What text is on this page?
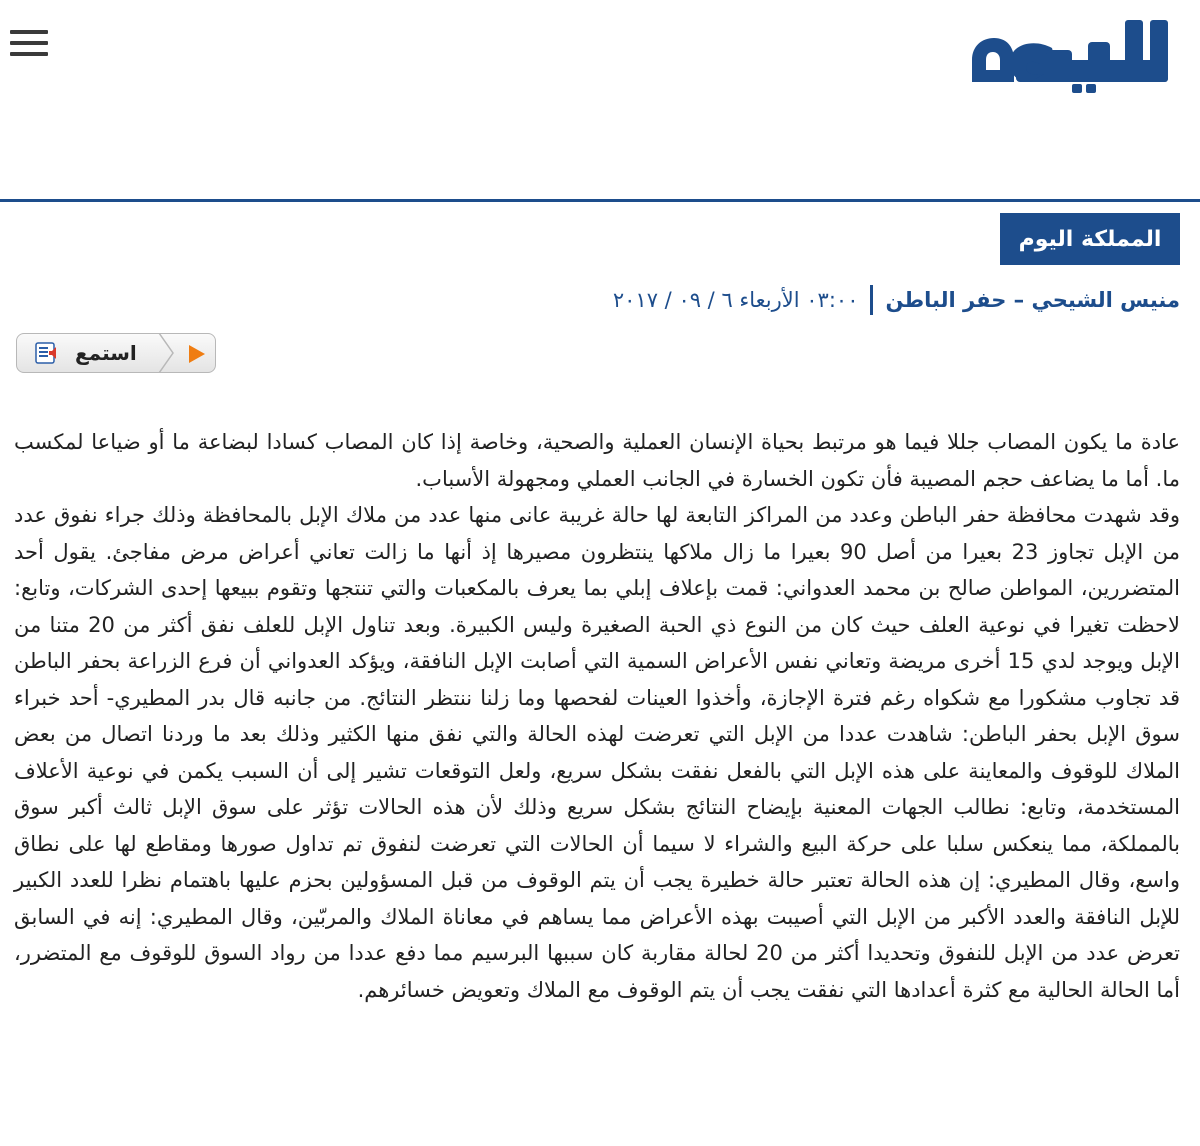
المملكة اليوم
منيس الشيحي – حفر الباطن
٠٣:٠٠ الأربعاء ٦ / ٠٩ / ٢٠١٧
استمع

عادة ما يكون المصاب جللا فيما هو مرتبط بحياة الإنسان العملية والصحية، وخاصة إذا كان المصاب كسادا لبضاعة ما أو ضياعا لمكسب ما. أما ما يضاعف حجم المصيبة فأن تكون الخسارة في الجانب العملي ومجهولة الأسباب.

وقد شهدت محافظة حفر الباطن وعدد من المراكز التابعة لها حالة غريبة عانى منها عدد من ملاك الإبل بالمحافظة وذلك جراء نفوق عدد من الإبل تجاوز 23 بعيرا من أصل 90 بعيرا ما زال ملاكها ينتظرون مصيرها إذ أنها ما زالت تعاني أعراض مرض مفاجئ. يقول أحد المتضررين، المواطن صالح بن محمد العدواني: قمت بإعلاف إبلي بما يعرف بالمكعبات والتي تنتجها وتقوم ببيعها إحدى الشركات، وتابع: لاحظت تغيرا في نوعية العلف حيث كان من النوع ذي الحبة الصغيرة وليس الكبيرة. وبعد تناول الإبل للعلف نفق أكثر من 20 متنا من الإبل ويوجد لدي 15 أخرى مريضة وتعاني نفس الأعراض السمية التي أصابت الإبل النافقة، ويؤكد العدواني أن فرع الزراعة بحفر الباطن قد تجاوب مشكورا مع شكواه رغم فترة الإجازة، وأخذوا العينات لفحصها وما زلنا ننتظر النتائج. من جانبه قال بدر المطيري- أحد خبراء سوق الإبل بحفر الباطن: شاهدت عددا من الإبل التي تعرضت لهذه الحالة والتي نفق منها الكثير وذلك بعد ما وردنا اتصال من بعض الملاك للوقوف والمعاينة على هذه الإبل التي بالفعل نفقت بشكل سريع، ولعل التوقعات تشير إلى أن السبب يكمن في نوعية الأعلاف المستخدمة، وتابع: نطالب الجهات المعنية بإيضاح النتائج بشكل سريع وذلك لأن هذه الحالات تؤثر على سوق الإبل ثالث أكبر سوق بالمملكة، مما ينعكس سلبا على حركة البيع والشراء لا سيما أن الحالات التي تعرضت لنفوق تم تداول صورها ومقاطع لها على نطاق واسع، وقال المطيري: إن هذه الحالة تعتبر حالة خطيرة يجب أن يتم الوقوف من قبل المسؤولين بحزم عليها باهتمام نظرا للعدد الكبير للإبل النافقة والعدد الأكبر من الإبل التي أصيبت بهذه الأعراض مما يساهم في معاناة الملاك والمربّين، وقال المطيري: إنه في السابق تعرض عدد من الإبل للنفوق وتحديدا أكثر من 20 لحالة مقاربة كان سببها البرسيم مما دفع عددا من رواد السوق للوقوف مع المتضرر، أما الحالة الحالية مع كثرة أعدادها التي نفقت يجب أن يتم الوقوف مع الملاك وتعويض خسائرهم.
